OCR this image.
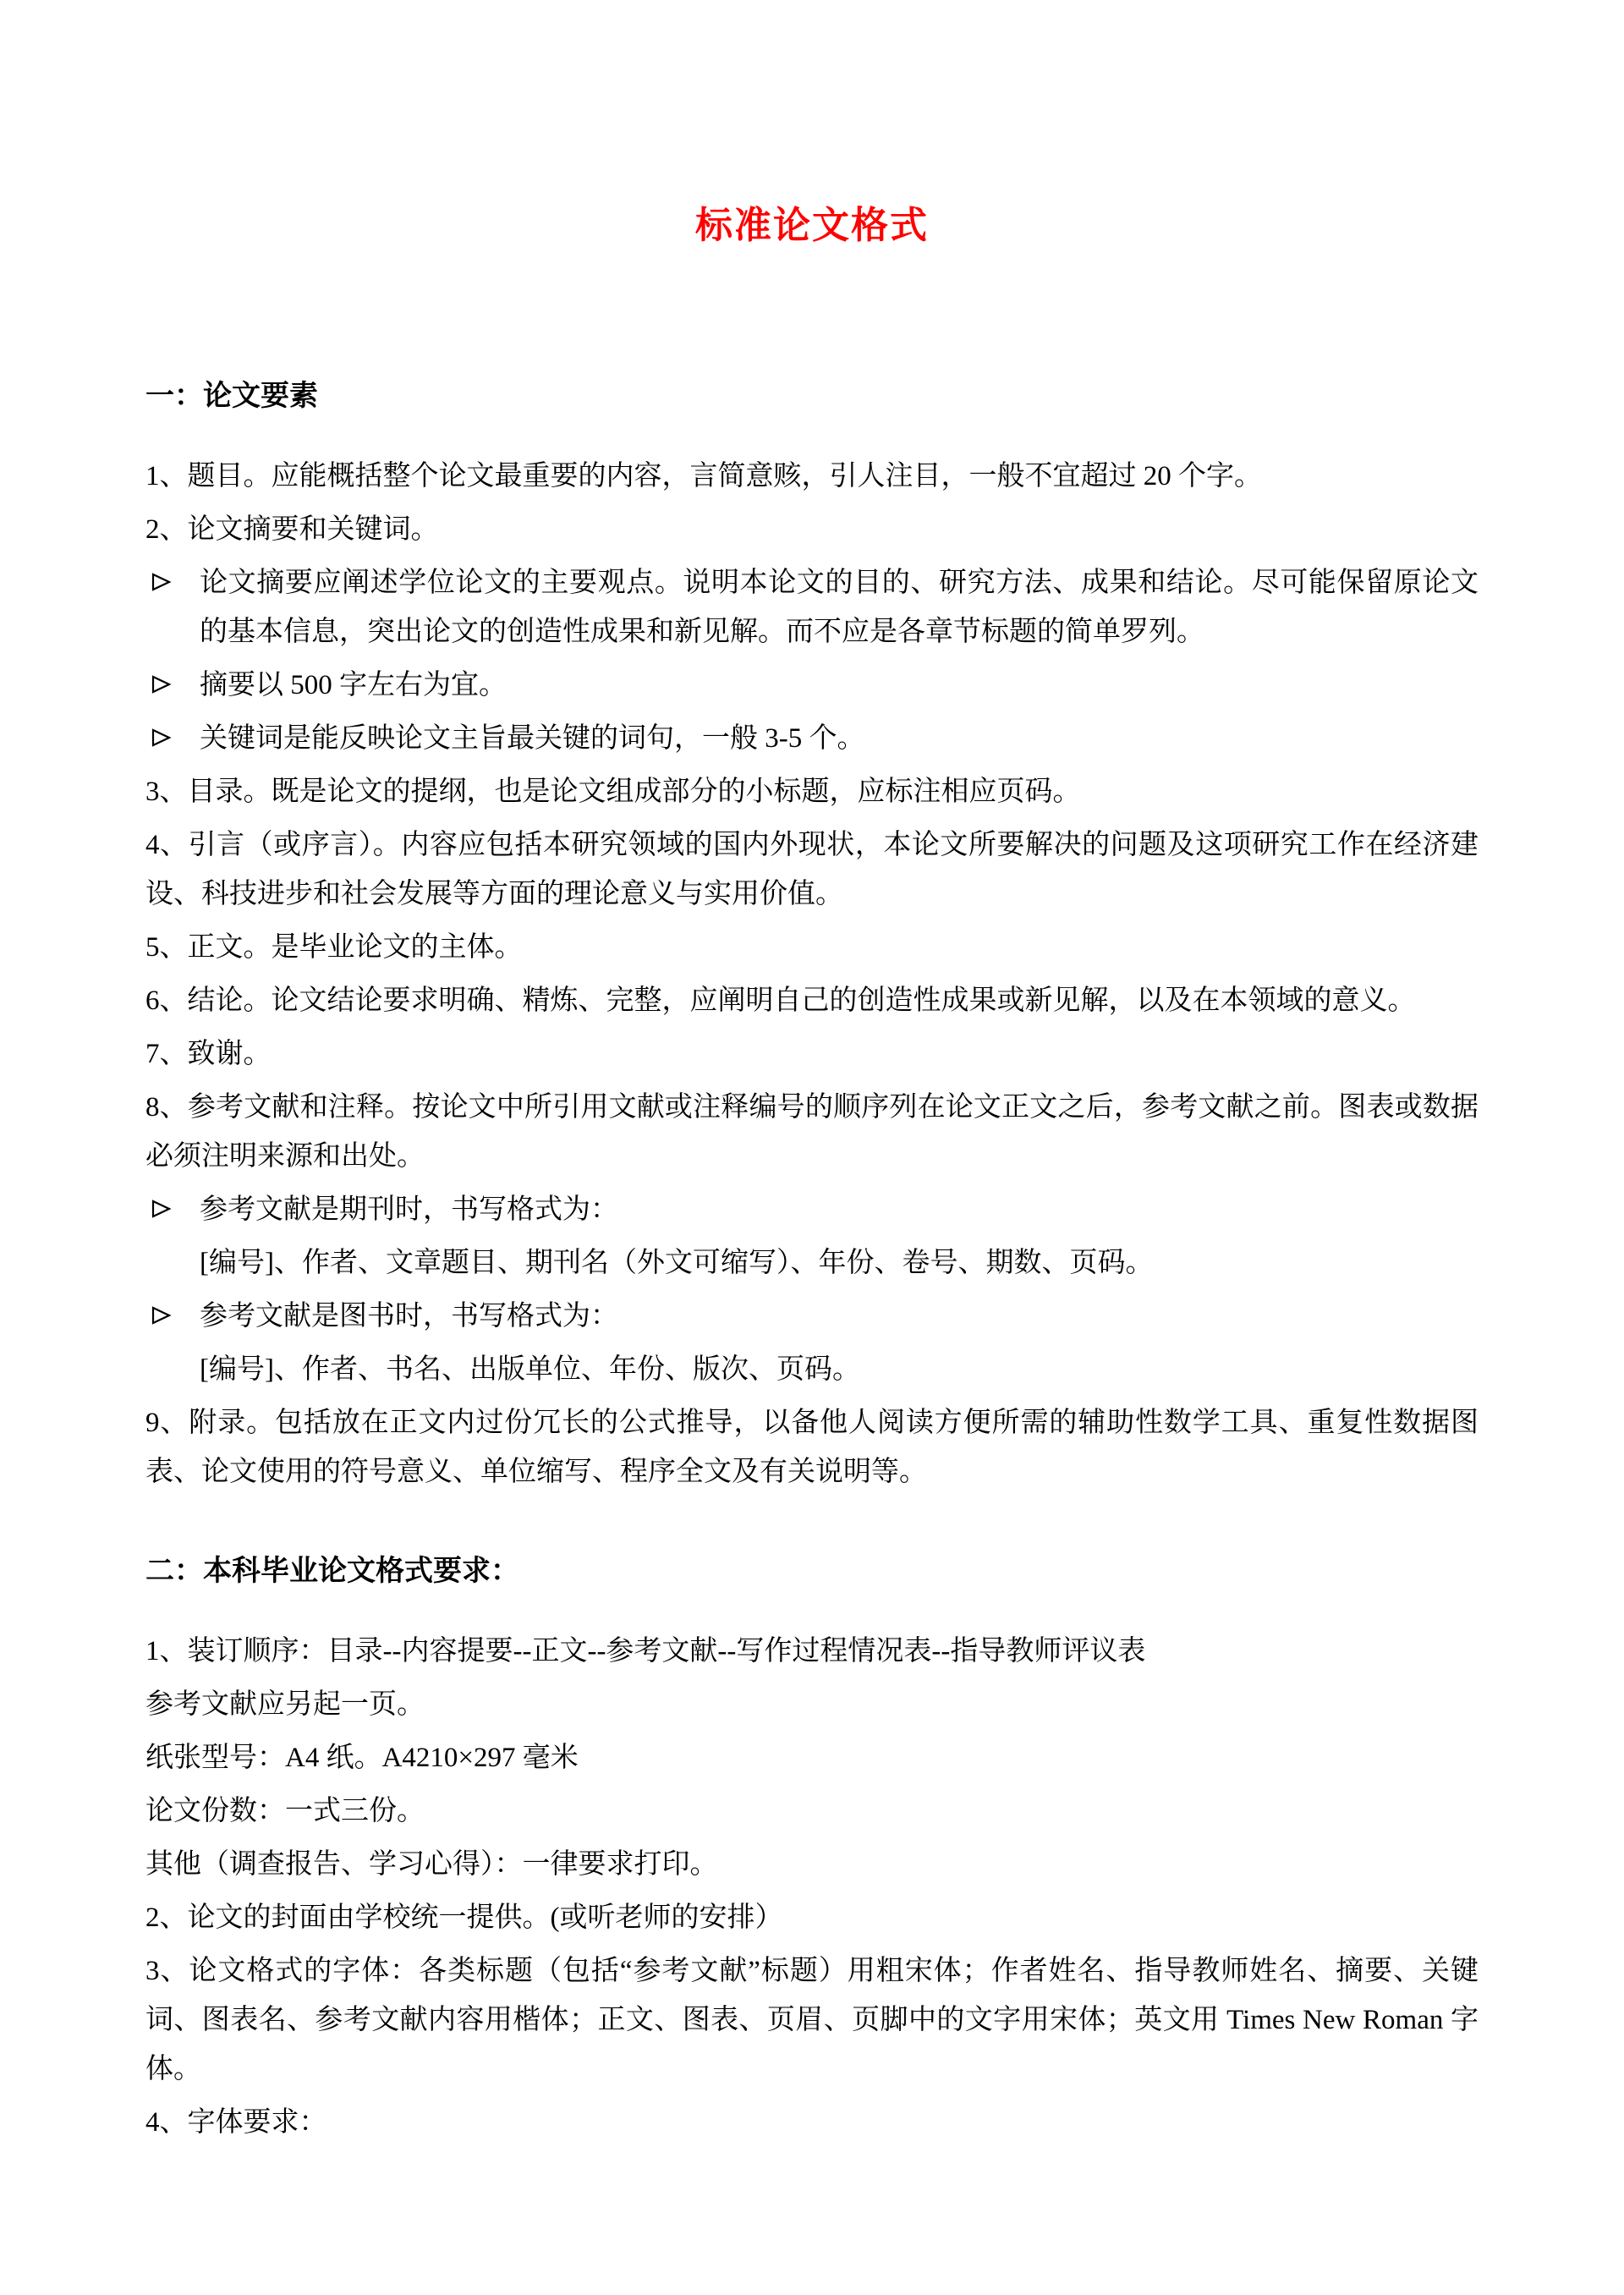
标准论文格式
一：论文要素
1、题目。应能概括整个论文最重要的内容，言简意赅，引人注目，一般不宜超过 20 个字。
2、论文摘要和关键词。
论文摘要应阐述学位论文的主要观点。说明本论文的目的、研究方法、成果和结论。尽可能保留原论文的基本信息，突出论文的创造性成果和新见解。而不应是各章节标题的简单罗列。
摘要以 500 字左右为宜。
关键词是能反映论文主旨最关键的词句，一般 3-5 个。
3、目录。既是论文的提纲，也是论文组成部分的小标题，应标注相应页码。
4、引言（或序言）。内容应包括本研究领域的国内外现状，本论文所要解决的问题及这项研究工作在经济建设、科技进步和社会发展等方面的理论意义与实用价值。
5、正文。是毕业论文的主体。
6、结论。论文结论要求明确、精炼、完整，应阐明自己的创造性成果或新见解，以及在本领域的意义。
7、致谢。
8、参考文献和注释。按论文中所引用文献或注释编号的顺序列在论文正文之后，参考文献之前。图表或数据必须注明来源和出处。
参考文献是期刊时，书写格式为：
[编号]、作者、文章题目、期刊名（外文可缩写）、年份、卷号、期数、页码。
参考文献是图书时，书写格式为：
[编号]、作者、书名、出版单位、年份、版次、页码。
9、附录。包括放在正文内过份冗长的公式推导，以备他人阅读方便所需的辅助性数学工具、重复性数据图表、论文使用的符号意义、单位缩写、程序全文及有关说明等。
二：本科毕业论文格式要求：
1、装订顺序：目录--内容提要--正文--参考文献--写作过程情况表--指导教师评议表
参考文献应另起一页。
纸张型号：A4 纸。A4210×297 毫米
论文份数：一式三份。
其他（调查报告、学习心得）：一律要求打印。
2、论文的封面由学校统一提供。(或听老师的安排）
3、论文格式的字体：各类标题（包括“参考文献”标题）用粗宋体；作者姓名、指导教师姓名、摘要、关键词、图表名、参考文献内容用楷体；正文、图表、页眉、页脚中的文字用宋体；英文用 Times New Roman 字体。
4、字体要求：
